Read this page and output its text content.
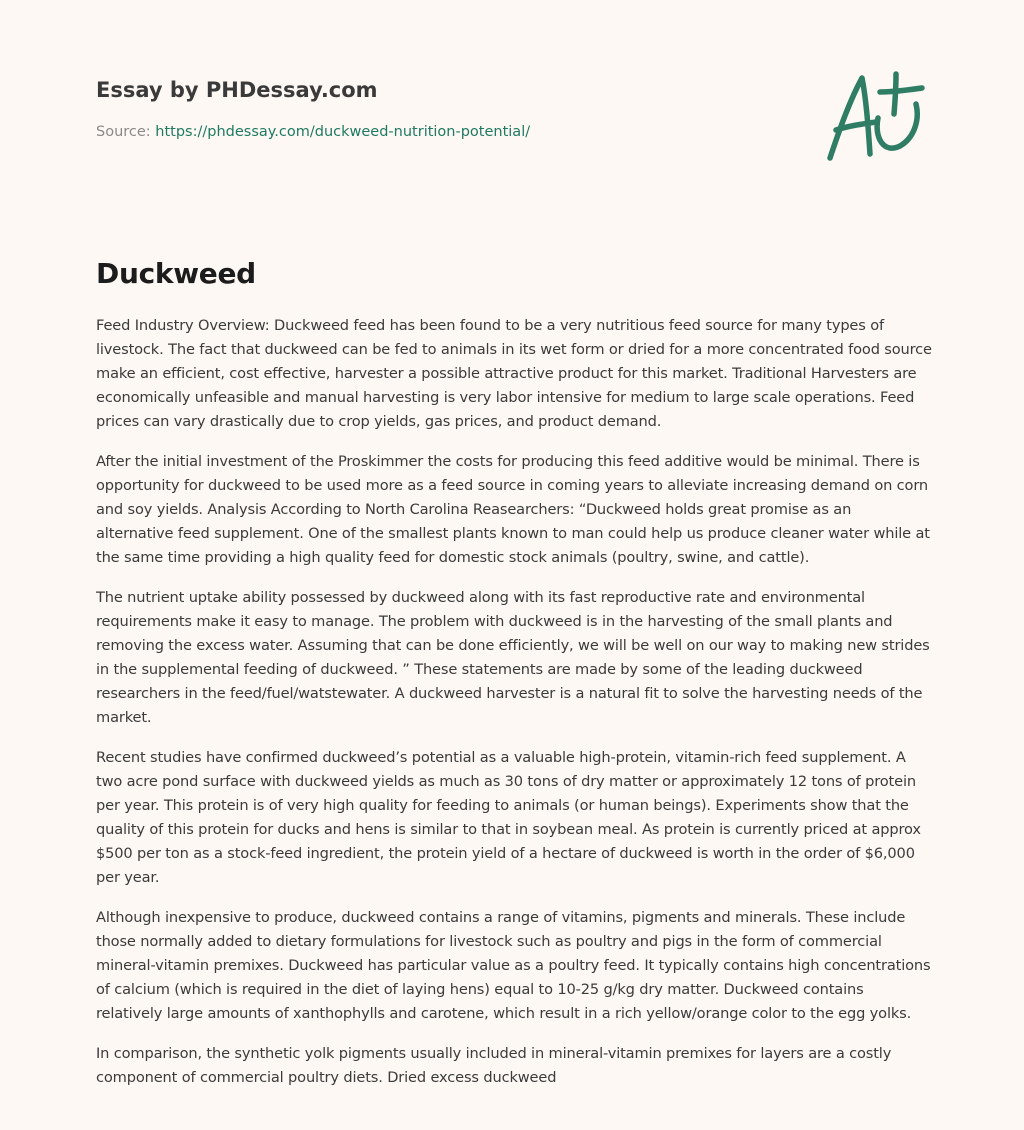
Essay by PHDessay.com
Source: https://phdessay.com/duckweed-nutrition-potential/
Duckweed

Feed Industry Overview: Duckweed feed has been found to be a very nutritious feed source for many types of livestock. The fact that duckweed can be fed to animals in its wet form or dried for a more concentrated food source make an efficient, cost effective, harvester a possible attractive product for this market. Traditional Harvesters are economically unfeasible and manual harvesting is very labor intensive for medium to large scale operations. Feed prices can vary drastically due to crop yields, gas prices, and product demand.

After the initial investment of the Proskimmer the costs for producing this feed additive would be minimal. There is opportunity for duckweed to be used more as a feed source in coming years to alleviate increasing demand on corn and soy yields. Analysis According to North Carolina Reasearchers: “Duckweed holds great promise as an alternative feed supplement. One of the smallest plants known to man could help us produce cleaner water while at the same time providing a high quality feed for domestic stock animals (poultry, swine, and cattle).

The nutrient uptake ability possessed by duckweed along with its fast reproductive rate and environmental requirements make it easy to manage. The problem with duckweed is in the harvesting of the small plants and removing the excess water. Assuming that can be done efficiently, we will be well on our way to making new strides in the supplemental feeding of duckweed. ” These statements are made by some of the leading duckweed researchers in the feed/fuel/watstewater. A duckweed harvester is a natural fit to solve the harvesting needs of the market.

Recent studies have confirmed duckweed’s potential as a valuable high-protein, vitamin-rich feed supplement. A two acre pond surface with duckweed yields as much as 30 tons of dry matter or approximately 12 tons of protein per year. This protein is of very high quality for feeding to animals (or human beings). Experiments show that the quality of this protein for ducks and hens is similar to that in soybean meal. As protein is currently priced at approx $500 per ton as a stock-feed ingredient, the protein yield of a hectare of duckweed is worth in the order of $6,000 per year.

Although inexpensive to produce, duckweed contains a range of vitamins, pigments and minerals. These include those normally added to dietary formulations for livestock such as poultry and pigs in the form of commercial mineral-vitamin premixes. Duckweed has particular value as a poultry feed. It typically contains high concentrations of calcium (which is required in the diet of laying hens) equal to 10-25 g/kg dry matter. Duckweed contains relatively large amounts of xanthophylls and carotene, which result in a rich yellow/orange color to the egg yolks.

In comparison, the synthetic yolk pigments usually included in mineral-vitamin premixes for layers are a costly component of commercial poultry diets. Dried excess duckweed
